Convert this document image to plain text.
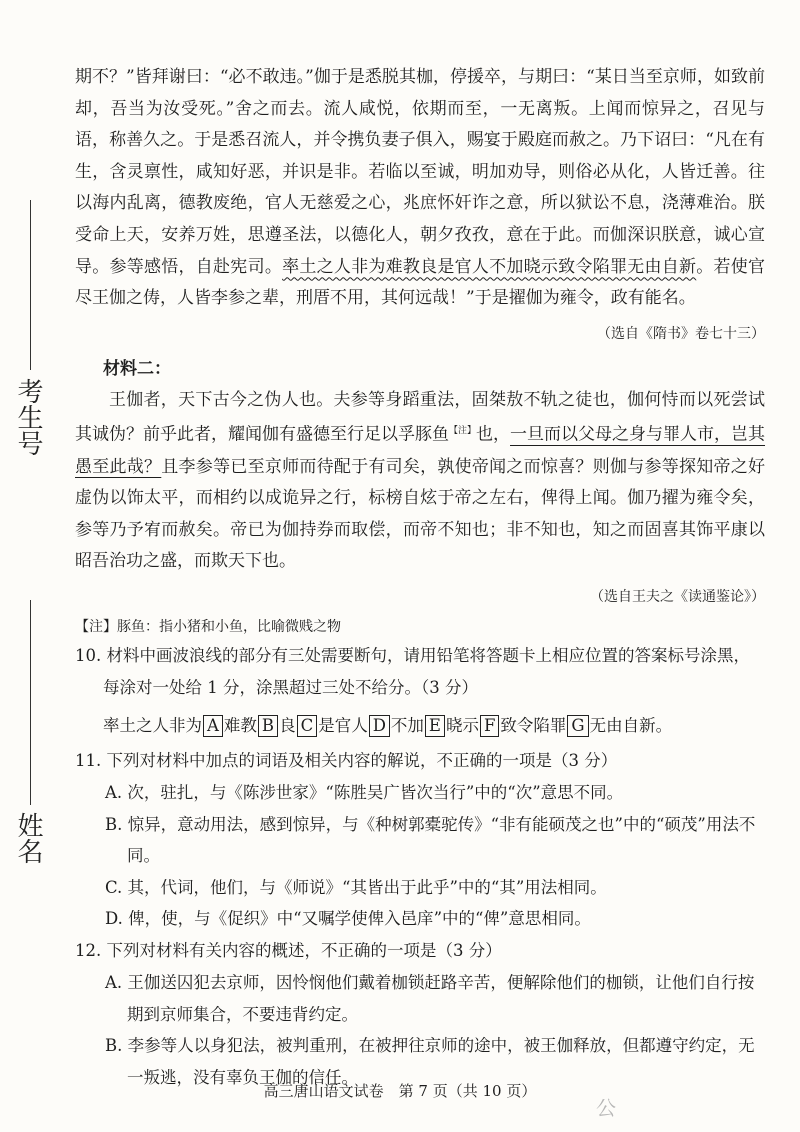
考生号
姓名

期不？”皆拜谢曰：“必不敢违。”伽于是悉脱其枷，停援卒，与期曰：“某日当至京师，如致前却，吾当为汝受死。”舍之而去。流人咸悦，依期而至，一无离叛。上闻而惊异之，召见与语，称善久之。于是悉召流人，并令携负妻子俱入，赐宴于殿庭而赦之。乃下诏曰：“凡在有生，含灵禀性，咸知好恶，并识是非。若临以至诚，明加劝导，则俗必从化，人皆迁善。往以海内乱离，德教废绝，官人无慈爱之心，兆庶怀奸诈之意，所以狱讼不息，浇薄难治。朕受命上天，安养万姓，思遵圣法，以德化人，朝夕孜孜，意在于此。而伽深识朕意，诚心宣导。参等感悟，自赴宪司。率土之人非为难教良是官人不加晓示致令陷罪无由自新。若使官尽王伽之俦，人皆李参之辈，刑厝不用，其何远哉！”于是擢伽为雍令，政有能名。

（选自《隋书》卷七十三）
材料二：

王伽者，天下古今之伪人也。夫参等身蹈重法，固桀敖不轨之徒也，伽何恃而以死尝试其诚伪？前乎此者，耀闻伽有盛德至行足以孚豚鱼$^{【注】}$也，一旦而以父母之身与罪人市，岂其愚至此哉？且李参等已至京师而待配于有司矣，孰使帝闻之而惊喜？则伽与参等探知帝之好虚伪以饰太平，而相约以成诡异之行，标榜自炫于帝之左右，俾得上闻。伽乃擢为雍令矣，参等乃予宥而赦矣。帝已为伽持券而取偿，而帝不知也；非不知也，知之而固喜其饰平康以昭吾治功之盛，而欺天下也。

（选自王夫之《读通鉴论》）

【注】豚鱼：指小猪和小鱼，比喻微贱之物

10. 材料中画波浪线的部分有三处需要断句，请用铅笔将答题卡上相应位置的答案标号涂黑，每涂对一处给 1 分，涂黑超过三处不给分。（3 分）

率土之人非为 A 难教 B 良 C 是官人 D 不加 E 晓示 F 致令陷罪 G 无由自新。

11. 下列对材料中加点的词语及相关内容的解说，不正确的一项是（3 分）

A. 次，驻扎，与《陈涉世家》“陈胜吴广皆次当行”中的“次”意思不同。

B. 惊异，意动用法，感到惊异，与《种树郭橐驼传》“非有能硕茂之也”中的“硕茂”用法不同。

C. 其，代词，他们，与《师说》“其皆出于此乎”中的“其”用法相同。

D. 俾，使，与《促织》中“又嘱学使俾入邑庠”中的“俾”意思相同。

12. 下列对材料有关内容的概述，不正确的一项是（3 分）

A. 王伽送囚犯去京师，因怜悯他们戴着枷锁赶路辛苦，便解除他们的枷锁，让他们自行按期到京师集合，不要违背约定。

B. 李参等人以身犯法，被判重刑，在被押往京师的途中，被王伽释放，但都遵守约定，无一叛逃，没有辜负王伽的信任。

高三唐山语文试卷　第 7 页（共 10 页）
公
